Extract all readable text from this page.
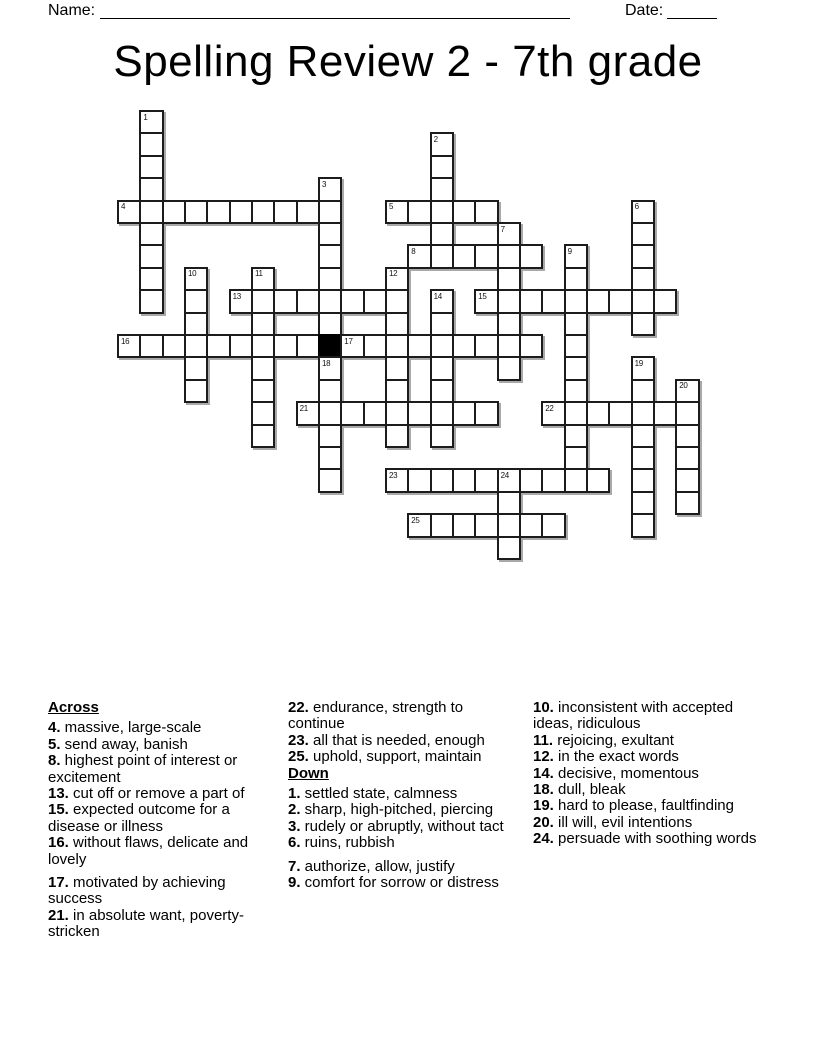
Name:	Date:
Spelling Review 2 - 7th grade
1
2
3
4	5	6
7
8	9
10	11	12
13	14	15
16	17
18	19
20
21	22
23	24
25
Across
4. massive, large-scale
5. send away, banish
8. highest point of interest or excitement
13. cut off or remove a part of
15. expected outcome for a disease or illness
16. without flaws, delicate and lovely
17. motivated by achieving success
21. in absolute want, poverty-stricken
22. endurance, strength to continue
23. all that is needed, enough
25. uphold, support, maintain
Down
1. settled state, calmness
2. sharp, high-pitched, piercing
3. rudely or abruptly, without tact
6. ruins, rubbish
7. authorize, allow, justify
9. comfort for sorrow or distress
10. inconsistent with accepted ideas, ridiculous
11. rejoicing, exultant
12. in the exact words
14. decisive, momentous
18. dull, bleak
19. hard to please, faultfinding
20. ill will, evil intentions
24. persuade with soothing words
